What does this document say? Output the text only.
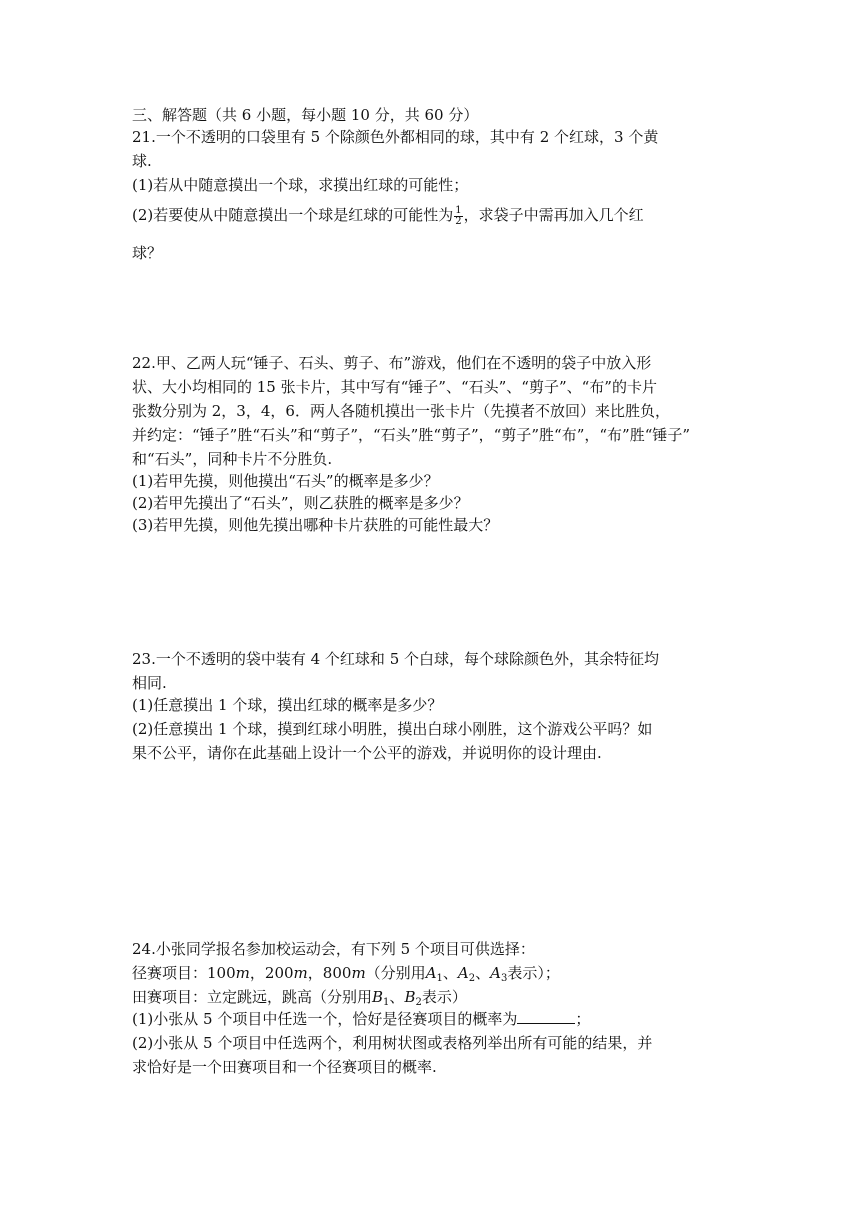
三、解答题（共 6 小题，每小题 10 分，共 60 分）
21.一个不透明的口袋里有 5 个除颜色外都相同的球，其中有 2 个红球，3 个黄
球.
(1)若从中随意摸出一个球，求摸出红球的可能性；
(2)若要使从中随意摸出一个球是红球的可能性为 $\frac{1}{2}$ ，求袋子中需再加入几个红
球？
22.甲、乙两人玩“锤子、石头、剪子、布”游戏，他们在不透明的袋子中放入形
状、大小均相同的 15 张卡片，其中写有“锤子”、“石头”、“剪子”、“布”的卡片
张数分别为 2，3，4，6．两人各随机摸出一张卡片（先摸者不放回）来比胜负，
并约定：“锤子”胜“石头”和“剪子”，“石头”胜“剪子”，“剪子”胜“布”，“布”胜“锤子”
和“石头”，同种卡片不分胜负.
(1)若甲先摸，则他摸出“石头”的概率是多少？
(2)若甲先摸出了“石头”，则乙获胜的概率是多少？
(3)若甲先摸，则他先摸出哪种卡片获胜的可能性最大？
23.一个不透明的袋中装有 4 个红球和 5 个白球，每个球除颜色外，其余特征均
相同.
(1)任意摸出 1 个球，摸出红球的概率是多少？
(2)任意摸出 1 个球，摸到红球小明胜，摸出白球小刚胜，这个游戏公平吗？如
果不公平，请你在此基础上设计一个公平的游戏，并说明你的设计理由.
24.小张同学报名参加校运动会，有下列 5 个项目可供选择：
径赛项目：100m，200m，800m（分别用$A_1$、$A_2$、$A_3$表示）；
田赛项目：立定跳远，跳高（分别用$B_1$、$B_2$表示）
(1)小张从 5 个项目中任选一个，恰好是径赛项目的概率为	；
(2)小张从 5 个项目中任选两个，利用树状图或表格列举出所有可能的结果，并
求恰好是一个田赛项目和一个径赛项目的概率.
